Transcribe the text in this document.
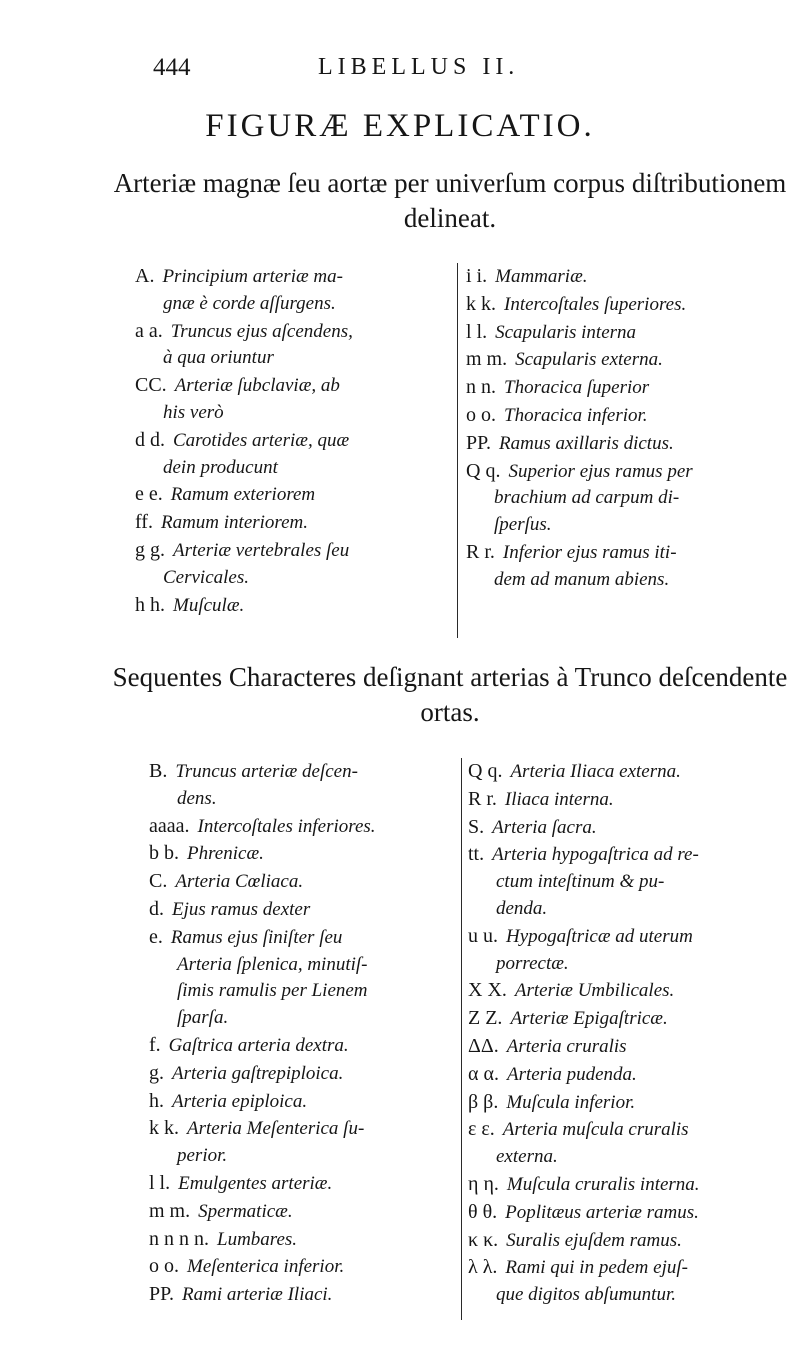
444	LIBELLUS II.
FIGURÆ EXPLICATIO.

Arteriæ magnæ ſeu aortæ per univerſum corpus diſtributionem delineat.

A. Principium arteriæ ma-
gnæ è corde aſſurgens.
a a. Truncus ejus aſcendens,
à qua oriuntur
CC. Arteriæ ſubclaviæ, ab
his verò
d d. Carotides arteriæ, quæ
dein producunt
e e. Ramum exteriorem
ff. Ramum interiorem.
g g. Arteriæ vertebrales ſeu
Cervicales.
h h. Muſculæ.
i i. Mammariæ.
k k. Intercoſtales ſuperiores.
l l. Scapularis interna
m m. Scapularis externa.
n n. Thoracica ſuperior
o o. Thoracica inferior.
PP. Ramus axillaris dictus.
Q q. Superior ejus ramus per
brachium ad carpum di-
ſperſus.
R r. Inferior ejus ramus iti-
dem ad manum abiens.

Sequentes Characteres deſignant arterias à Trunco deſcendente ortas.

B. Truncus arteriæ deſcen-
dens.
aaaa. Intercoſtales inferiores.
b b. Phrenicæ.
C. Arteria Cœliaca.
d. Ejus ramus dexter
e. Ramus ejus ſiniſter ſeu
Arteria ſplenica, minutiſ-
ſimis ramulis per Lienem
ſparſa.
f. Gaſtrica arteria dextra.
g. Arteria gaſtrepiploica.
h. Arteria epiploica.
k k. Arteria Meſenterica ſu-
perior.
l l. Emulgentes arteriæ.
m m. Spermaticæ.
n n n n. Lumbares.
o o. Meſenterica inferior.
PP. Rami arteriæ Iliaci.
Q q. Arteria Iliaca externa.
R r. Iliaca interna.
S. Arteria ſacra.
tt. Arteria hypogaſtrica ad re-
ctum inteſtinum & pu-
denda.
u u. Hypogaſtricæ ad uterum
porrectæ.
X X. Arteriæ Umbilicales.
Z Z. Arteriæ Epigaſtricæ.
ΔΔ. Arteria cruralis
α α. Arteria pudenda.
β β. Muſcula inferior.
ε ε. Arteria muſcula cruralis
externa.
η η. Muſcula cruralis interna.
θ θ. Poplitæus arteriæ ramus.
κ κ. Suralis ejuſdem ramus.
λ λ. Rami qui in pedem ejuſ-
que digitos abſumuntur.
